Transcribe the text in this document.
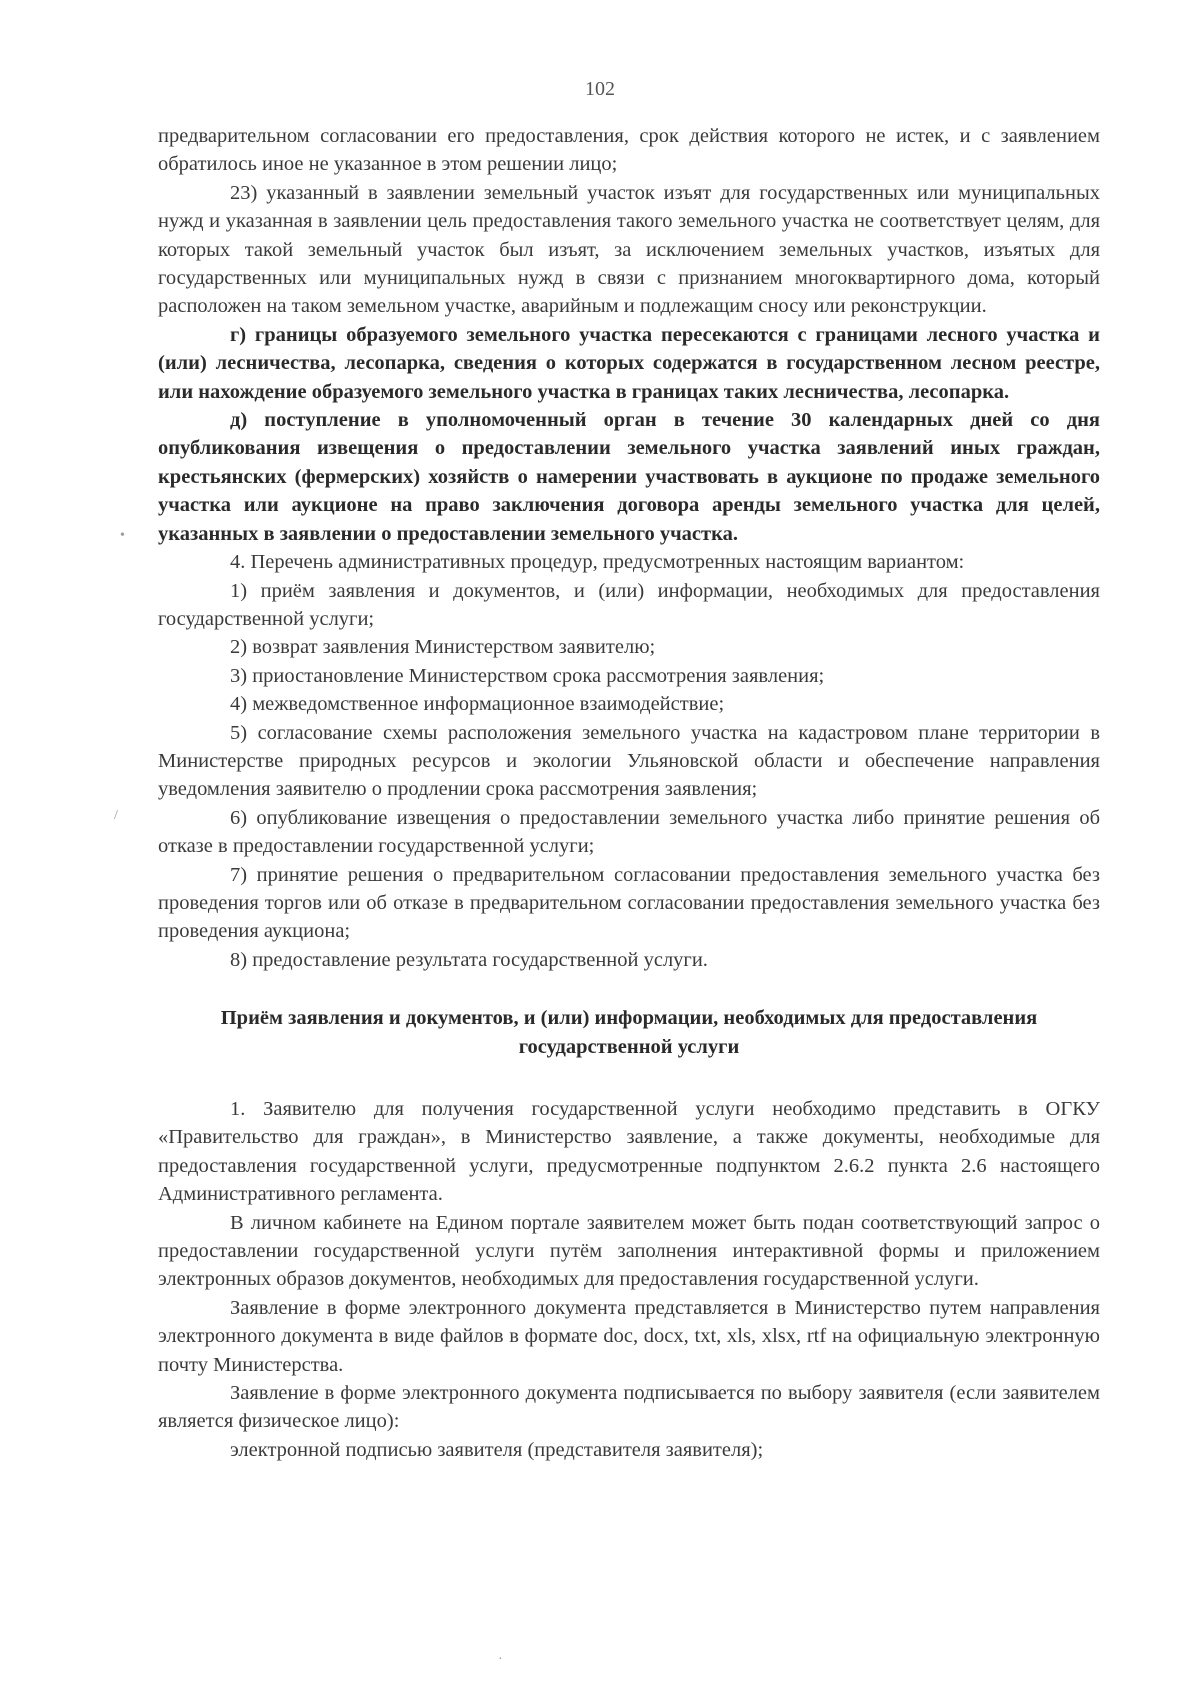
102
•
/

предварительном согласовании его предоставления, срок действия которого не истек, и с заявлением обратилось иное не указанное в этом решении лицо;

23) указанный в заявлении земельный участок изъят для государственных или муниципальных нужд и указанная в заявлении цель предоставления такого земельного участка не соответствует целям, для которых такой земельный участок был изъят, за исключением земельных участков, изъятых для государственных или муниципальных нужд в связи с признанием многоквартирного дома, который расположен на таком земельном участке, аварийным и подлежащим сносу или реконструкции.

г) границы образуемого земельного участка пересекаются с границами лесного участка и (или) лесничества, лесопарка, сведения о которых содержатся в государственном лесном реестре, или нахождение образуемого земельного участка в границах таких лесничества, лесопарка.

д) поступление в уполномоченный орган в течение 30 календарных дней со дня опубликования извещения о предоставлении земельного участка заявлений иных граждан, крестьянских (фермерских) хозяйств о намерении участвовать в аукционе по продаже земельного участка или аукционе на право заключения договора аренды земельного участка для целей, указанных в заявлении о предоставлении земельного участка.

4. Перечень административных процедур, предусмотренных настоящим вариантом:

1) приём заявления и документов, и (или) информации, необходимых для предоставления государственной услуги;

2) возврат заявления Министерством заявителю;

3) приостановление Министерством срока рассмотрения заявления;

4) межведомственное информационное взаимодействие;

5) согласование схемы расположения земельного участка на кадастровом плане территории в Министерстве природных ресурсов и экологии Ульяновской области и обеспечение направления уведомления заявителю о продлении срока рассмотрения заявления;

6) опубликование извещения о предоставлении земельного участка либо принятие решения об отказе в предоставлении государственной услуги;

7) принятие решения о предварительном согласовании предоставления земельного участка без проведения торгов или об отказе в предварительном согласовании предоставления земельного участка без проведения аукциона;

8) предоставление результата государственной услуги.

Приём заявления и документов, и (или) информации, необходимых для предоставления государственной услуги

1. Заявителю для получения государственной услуги необходимо представить в ОГКУ «Правительство для граждан», в Министерство заявление, а также документы, необходимые для предоставления государственной услуги, предусмотренные подпунктом 2.6.2 пункта 2.6 настоящего Административного регламента.

В личном кабинете на Едином портале заявителем может быть подан соответствующий запрос о предоставлении государственной услуги путём заполнения интерактивной формы и приложением электронных образов документов, необходимых для предоставления государственной услуги.

Заявление в форме электронного документа представляется в Министерство путем направления электронного документа в виде файлов в формате doc, docx, txt, xls, xlsx, rtf на официальную электронную почту Министерства.

Заявление в форме электронного документа подписывается по выбору заявителя (если заявителем является физическое лицо):

электронной подписью заявителя (представителя заявителя);

·
